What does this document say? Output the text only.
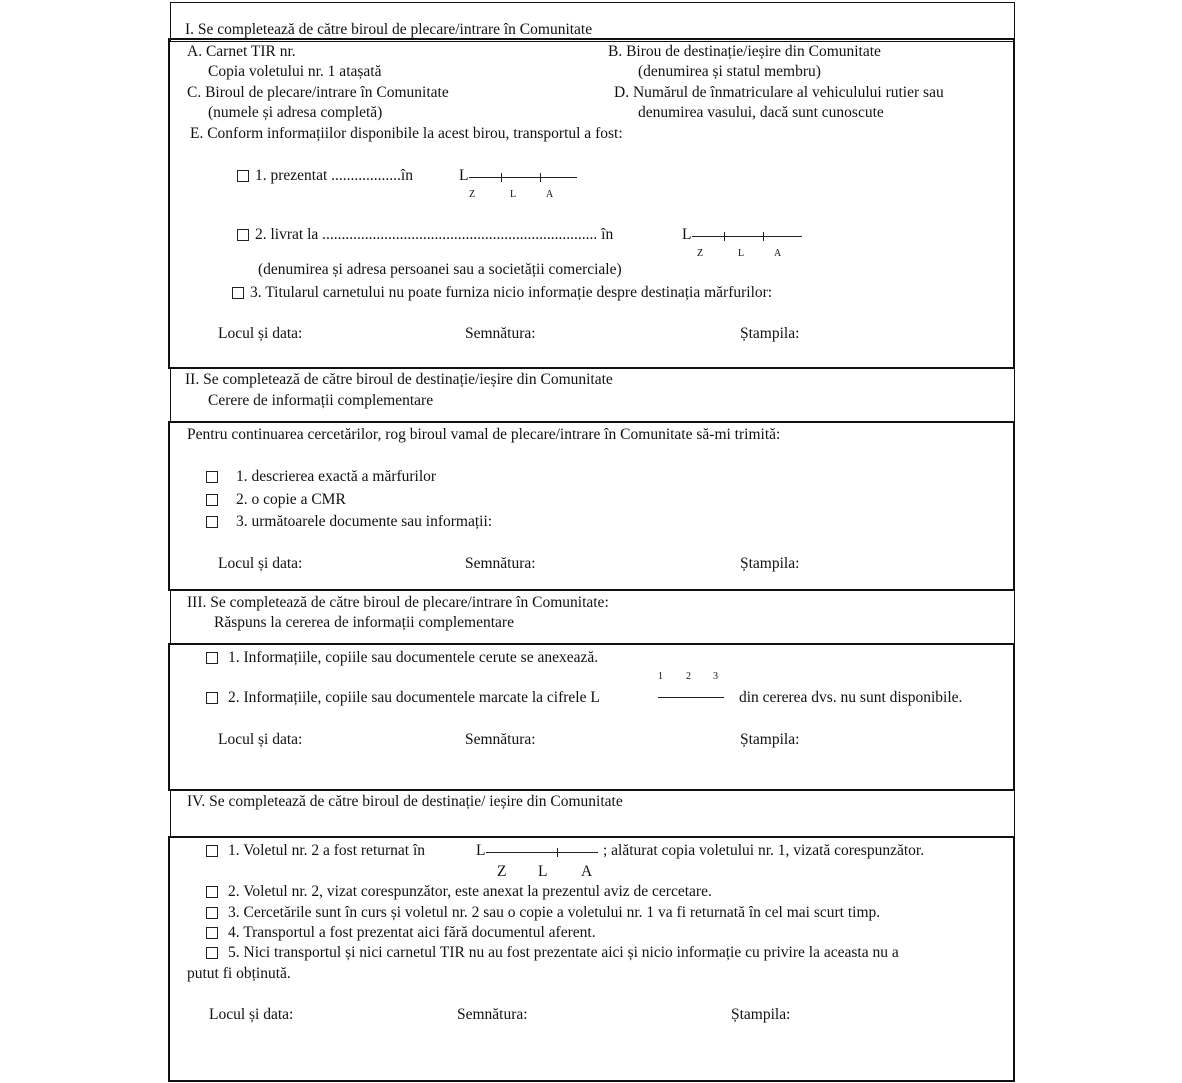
I. Se completează de către biroul de plecare/intrare în Comunitate
A. Carnet TIR nr.
Copia voletului nr. 1 atașată
B. Birou de destinație/ieșire din Comunitate
(denumirea și statul membru)
C. Biroul de plecare/intrare în Comunitate
(numele și adresa completă)
D. Numărul de înmatriculare al vehiculului rutier sau
denumirea vasului, dacă sunt cunoscute
E. Conform informațiilor disponibile la acest birou, transportul a fost:
1. prezentat ..................în	L
Z	L	A
2. livrat la ....................................................................... în	L
Z	L	A
(denumirea și adresa persoanei sau a societății comerciale)
3. Titularul carnetului nu poate furniza nicio informație despre destinația mărfurilor:
Locul și data:	Semnătura:	Ștampila:
II. Se completează de către biroul de destinație/ieșire din Comunitate
Cerere de informații complementare
Pentru continuarea cercetărilor, rog biroul vamal de plecare/intrare în Comunitate să-mi trimită:
1. descrierea exactă a mărfurilor
2. o copie a CMR
3. următoarele documente sau informații:
Locul și data:	Semnătura:	Ștampila:
III. Se completează de către biroul de plecare/intrare în Comunitate:
Răspuns la cererea de informații complementare
1. Informațiile, copiile sau documentele cerute se anexează.
1 2 3
2. Informațiile, copiile sau documentele marcate la cifrele L	din cererea dvs. nu sunt disponibile.
Locul și data:	Semnătura:	Ștampila:
IV. Se completează de către biroul de destinație/ ieșire din Comunitate
1. Voletul nr. 2 a fost returnat în	L	; alăturat copia voletului nr. 1, vizată corespunzător.
Z L A
2. Voletul nr. 2, vizat corespunzător, este anexat la prezentul aviz de cercetare.
3. Cercetările sunt în curs și voletul nr. 2 sau o copie a voletului nr. 1 va fi returnată în cel mai scurt timp.
4. Transportul a fost prezentat aici fără documentul aferent.
5. Nici transportul și nici carnetul TIR nu au fost prezentate aici și nicio informație cu privire la aceasta nu a
putut fi obținută.
Locul și data:	Semnătura:	Ștampila:
